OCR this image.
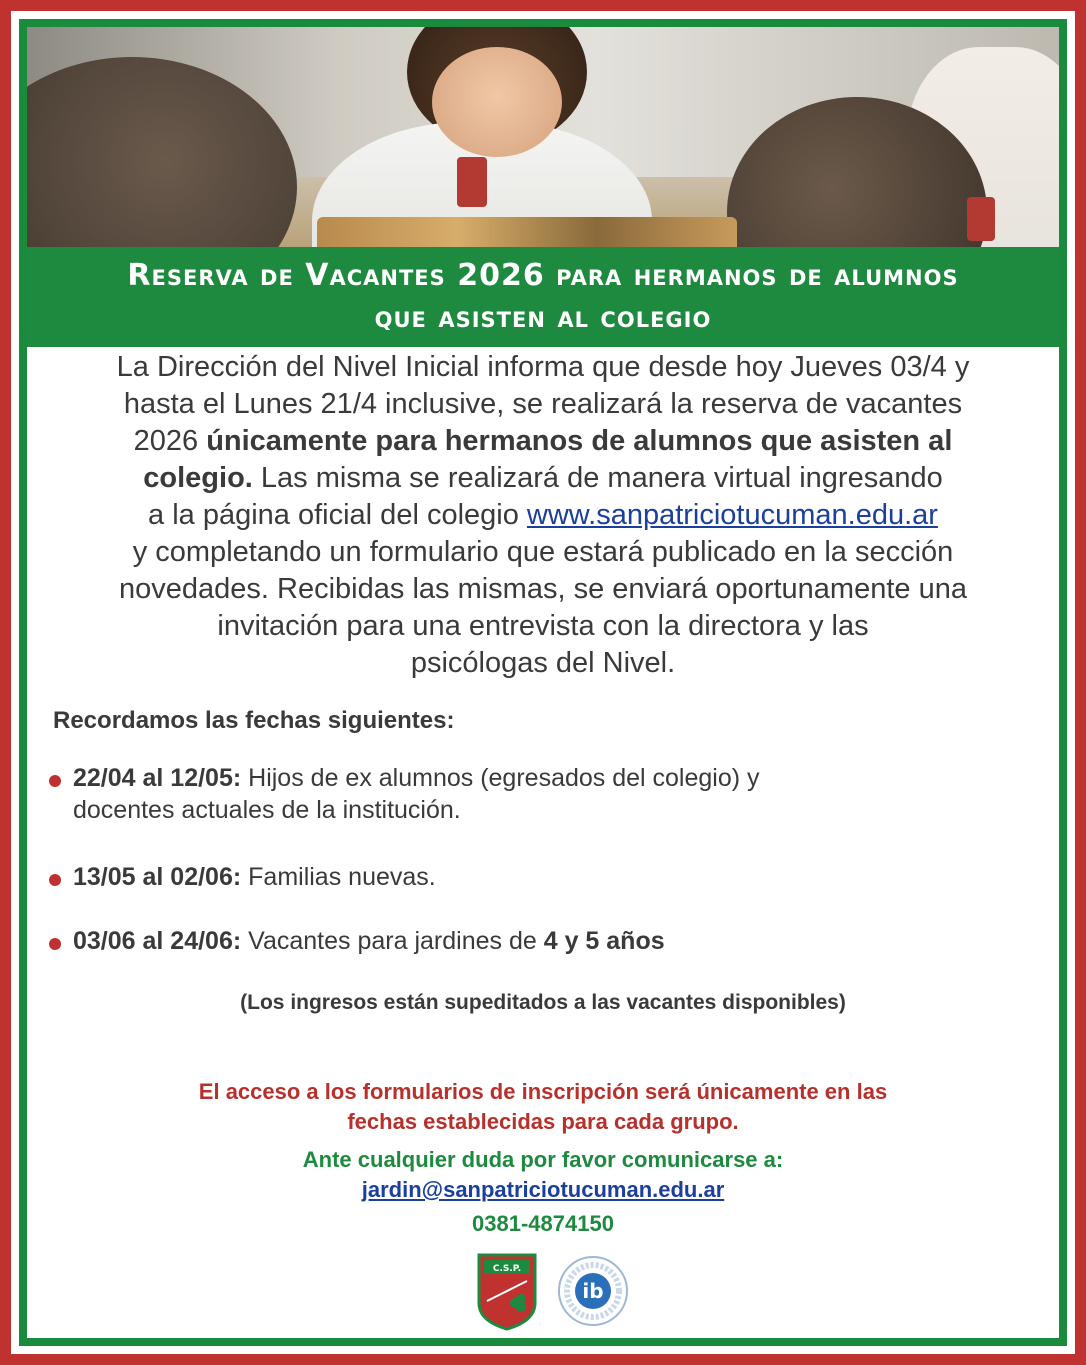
Reserva de Vacantes 2026 para hermanos de alumnos
que asisten al colegio
La Dirección del Nivel Inicial informa que desde hoy Jueves 03/4 y
hasta el Lunes 21/4 inclusive, se realizará la reserva de vacantes
2026 únicamente para hermanos de alumnos que asisten al
colegio. Las misma se realizará de manera virtual ingresando
a la página oficial del colegio www.sanpatriciotucuman.edu.ar
y completando un formulario que estará publicado en la sección
novedades. Recibidas las mismas, se enviará oportunamente una
invitación para una entrevista con la directora y las
psicólogas del Nivel.
Recordamos las fechas siguientes:
22/04 al 12/05: Hijos de ex alumnos (egresados del colegio) y
docentes actuales de la institución.
13/05 al 02/06: Familias nuevas.
03/06 al 24/06: Vacantes para jardines de 4 y 5 años
(Los ingresos están supeditados a las vacantes disponibles)
El acceso a los formularios de inscripción será únicamente en las
fechas establecidas para cada grupo.
Ante cualquier duda por favor comunicarse a:
jardin@sanpatriciotucuman.edu.ar
0381-4874150
C.S.P.
ib
